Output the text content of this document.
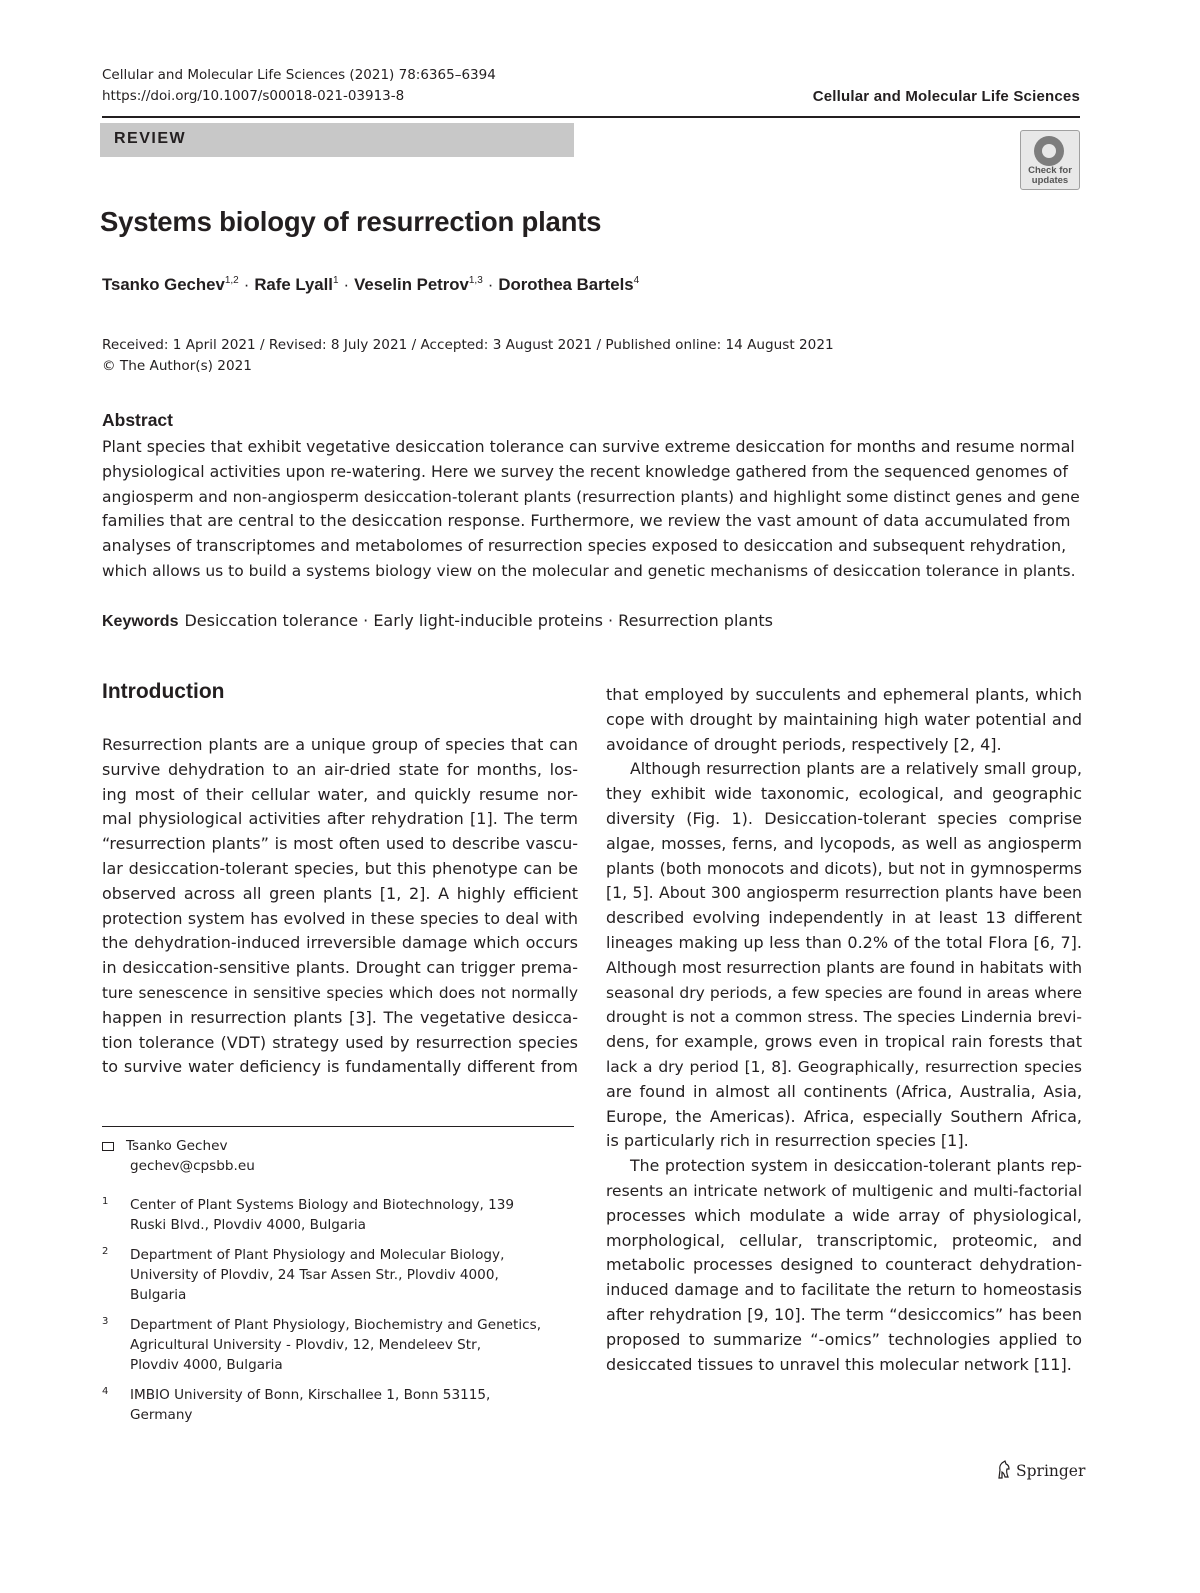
Cellular and Molecular Life Sciences (2021) 78:6365–6394
https://doi.org/10.1007/s00018-021-03913-8	Cellular and Molecular Life Sciences
REVIEW
Check for
updates
Systems biology of resurrection plants
Tsanko Gechev$^{1,2}$ · Rafe Lyall$^1$ · Veselin Petrov$^{1,3}$ · Dorothea Bartels$^4$
Received: 1 April 2021 / Revised: 8 July 2021 / Accepted: 3 August 2021 / Published online: 14 August 2021
© The Author(s) 2021
Abstract
Plant species that exhibit vegetative desiccation tolerance can survive extreme desiccation for months and resume normal
physiological activities upon re-watering. Here we survey the recent knowledge gathered from the sequenced genomes of
angiosperm and non-angiosperm desiccation-tolerant plants (resurrection plants) and highlight some distinct genes and gene
families that are central to the desiccation response. Furthermore, we review the vast amount of data accumulated from
analyses of transcriptomes and metabolomes of resurrection species exposed to desiccation and subsequent rehydration,
which allows us to build a systems biology view on the molecular and genetic mechanisms of desiccation tolerance in plants.
Keywords Desiccation tolerance · Early light-inducible proteins · Resurrection plants
Introduction
Resurrection plants are a unique group of species that can
survive dehydration to an air-dried state for months, los-
ing most of their cellular water, and quickly resume nor-
mal physiological activities after rehydration [1]. The term
“resurrection plants” is most often used to describe vascu-
lar desiccation-tolerant species, but this phenotype can be
observed across all green plants [1, 2]. A highly efficient
protection system has evolved in these species to deal with
the dehydration-induced irreversible damage which occurs
in desiccation-sensitive plants. Drought can trigger prema-
ture senescence in sensitive species which does not normally
happen in resurrection plants [3]. The vegetative desicca-
tion tolerance (VDT) strategy used by resurrection species
to survive water deficiency is fundamentally different from
that employed by succulents and ephemeral plants, which
cope with drought by maintaining high water potential and
avoidance of drought periods, respectively [2, 4].
Although resurrection plants are a relatively small group,
they exhibit wide taxonomic, ecological, and geographic
diversity (Fig. 1). Desiccation-tolerant species comprise
algae, mosses, ferns, and lycopods, as well as angiosperm
plants (both monocots and dicots), but not in gymnosperms
[1, 5]. About 300 angiosperm resurrection plants have been
described evolving independently in at least 13 different
lineages making up less than 0.2% of the total Flora [6, 7].
Although most resurrection plants are found in habitats with
seasonal dry periods, a few species are found in areas where
drought is not a common stress. The species Lindernia brevi-
dens, for example, grows even in tropical rain forests that
lack a dry period [1, 8]. Geographically, resurrection species
are found in almost all continents (Africa, Australia, Asia,
Europe, the Americas). Africa, especially Southern Africa,
is particularly rich in resurrection species [1].
The protection system in desiccation-tolerant plants rep-
resents an intricate network of multigenic and multi-factorial
processes which modulate a wide array of physiological,
morphological, cellular, transcriptomic, proteomic, and
metabolic processes designed to counteract dehydration-
induced damage and to facilitate the return to homeostasis
after rehydration [9, 10]. The term “desiccomics” has been
proposed to summarize “-omics” technologies applied to
desiccated tissues to unravel this molecular network [11].
Tsanko Gechev
gechev@cpsbb.eu
1 Center of Plant Systems Biology and Biotechnology, 139
Ruski Blvd., Plovdiv 4000, Bulgaria
2 Department of Plant Physiology and Molecular Biology,
University of Plovdiv, 24 Tsar Assen Str., Plovdiv 4000,
Bulgaria
3 Department of Plant Physiology, Biochemistry and Genetics,
Agricultural University - Plovdiv, 12, Mendeleev Str,
Plovdiv 4000, Bulgaria
4 IMBIO University of Bonn, Kirschallee 1, Bonn 53115,
Germany
Springer
